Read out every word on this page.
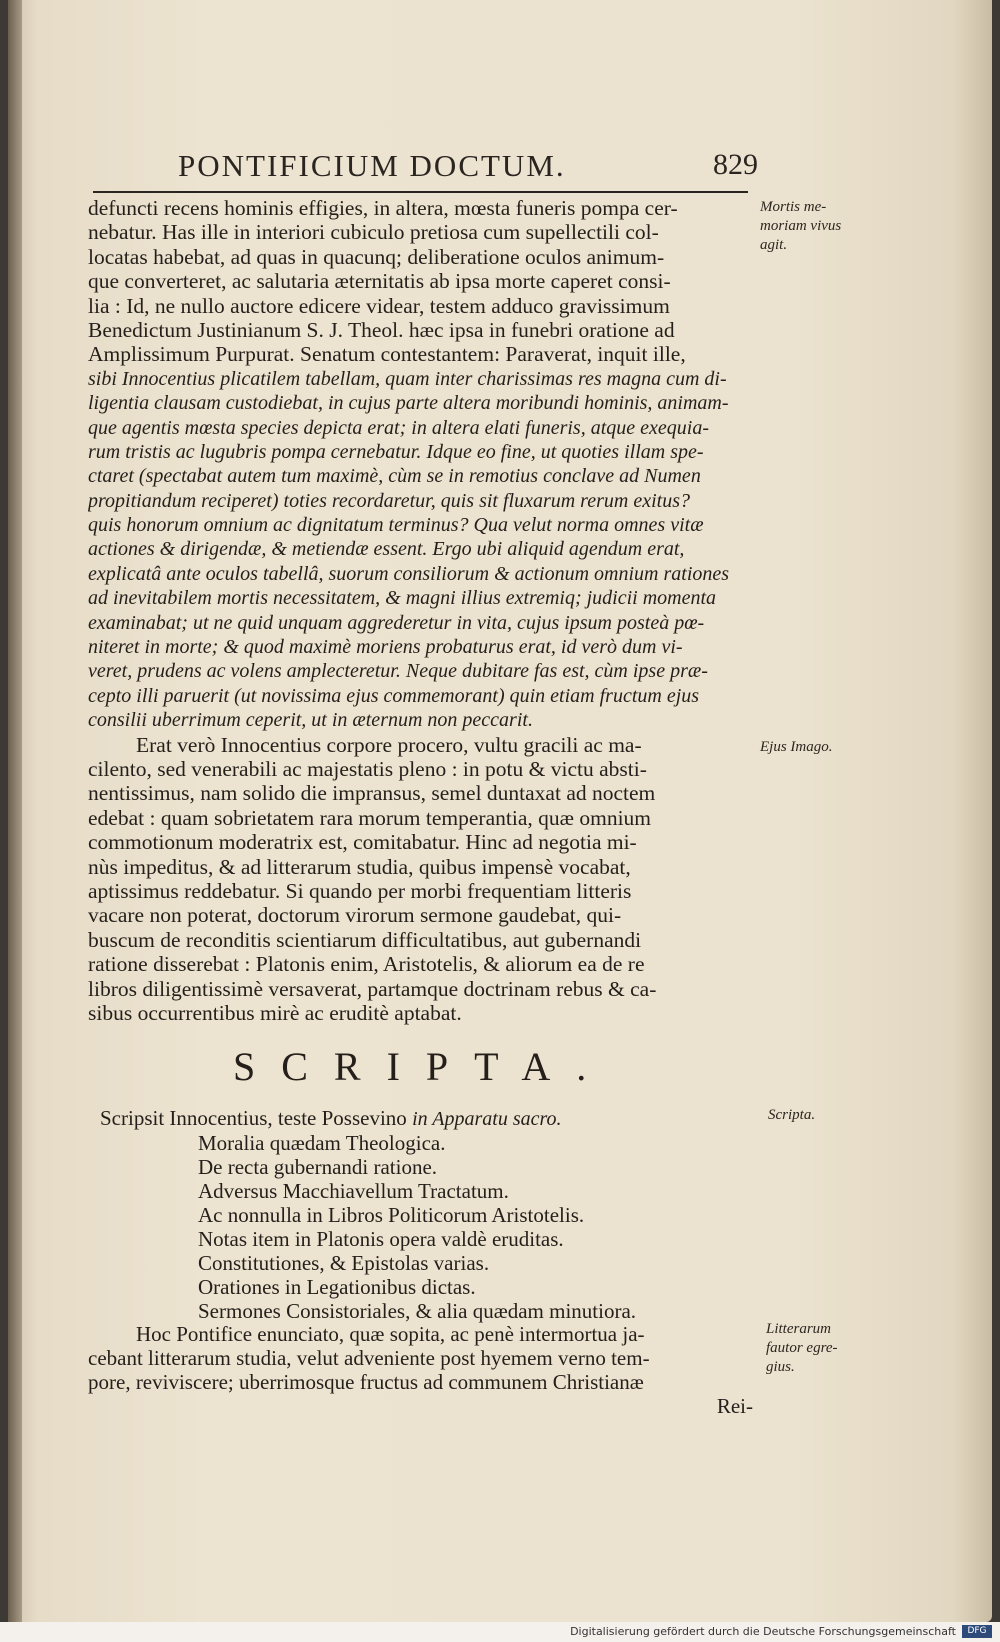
PONTIFICIUM DOCTUM.	829
defuncti recens hominis effigies, in altera, mœsta funeris pompa cer-
nebatur. Has ille in interiori cubiculo pretiosa cum supellectili col-
locatas habebat, ad quas in quacunq; deliberatione oculos animum-
que converteret, ac salutaria æternitatis ab ipsa morte caperet consi-
lia : Id, ne nullo auctore edicere videar, testem adduco gravissimum
Benedictum Justinianum S. J. Theol. hæc ipsa in funebri oratione ad
Amplissimum Purpurat. Senatum contestantem: Paraverat, inquit ille,
sibi Innocentius plicatilem tabellam, quam inter charissimas res magna cum di-
ligentia clausam custodiebat, in cujus parte altera moribundi hominis, animam-
que agentis mœsta species depicta erat; in altera elati funeris, atque exequia-
rum tristis ac lugubris pompa cernebatur. Idque eo fine, ut quoties illam spe-
ctaret (spectabat autem tum maximè, cùm se in remotius conclave ad Numen
propitiandum reciperet) toties recordaretur, quis sit fluxarum rerum exitus?
quis honorum omnium ac dignitatum terminus? Qua velut norma omnes vitæ
actiones & dirigendæ, & metiendæ essent. Ergo ubi aliquid agendum erat,
explicatâ ante oculos tabellâ, suorum consiliorum & actionum omnium rationes
ad inevitabilem mortis necessitatem, & magni illius extremiq; judicii momenta
examinabat; ut ne quid unquam aggrederetur in vita, cujus ipsum posteà pœ-
niteret in morte; & quod maximè moriens probaturus erat, id verò dum vi-
veret, prudens ac volens amplecteretur. Neque dubitare fas est, cùm ipse præ-
cepto illi paruerit (ut novissima ejus commemorant) quin etiam fructum ejus
consilii uberrimum ceperit, ut in æternum non peccarit.
Erat verò Innocentius corpore procero, vultu gracili ac ma-
cilento, sed venerabili ac majestatis pleno : in potu & victu absti-
nentissimus, nam solido die impransus, semel duntaxat ad noctem
edebat : quam sobrietatem rara morum temperantia, quæ omnium
commotionum moderatrix est, comitabatur. Hinc ad negotia mi-
nùs impeditus, & ad litterarum studia, quibus impensè vocabat,
aptissimus reddebatur. Si quando per morbi frequentiam litteris
vacare non poterat, doctorum virorum sermone gaudebat, qui-
buscum de reconditis scientiarum difficultatibus, aut gubernandi
ratione disserebat : Platonis enim, Aristotelis, & aliorum ea de re
libros diligentissimè versaverat, partamque doctrinam rebus & ca-
sibus occurrentibus mirè ac eruditè aptabat.
SCRIPTA.
Scripsit Innocentius, teste Possevino in Apparatu sacro.
Moralia quædam Theologica.
De recta gubernandi ratione.
Adversus Macchiavellum Tractatum.
Ac nonnulla in Libros Politicorum Aristotelis.
Notas item in Platonis opera valdè eruditas.
Constitutiones, & Epistolas varias.
Orationes in Legationibus dictas.
Sermones Consistoriales, & alia quædam minutiora.
Hoc Pontifice enunciato, quæ sopita, ac penè intermortua ja-
cebant litterarum studia, velut adveniente post hyemem verno tem-
pore, reviviscere; uberrimosque fructus ad communem Christianæ
Rei-
Mortis me-
moriam vivus
agit.
Ejus Imago.
Scripta.
Litterarum
fautor egre-
gius.
Digitalisierung gefördert durch die Deutsche Forschungsgemeinschaft	DFG
